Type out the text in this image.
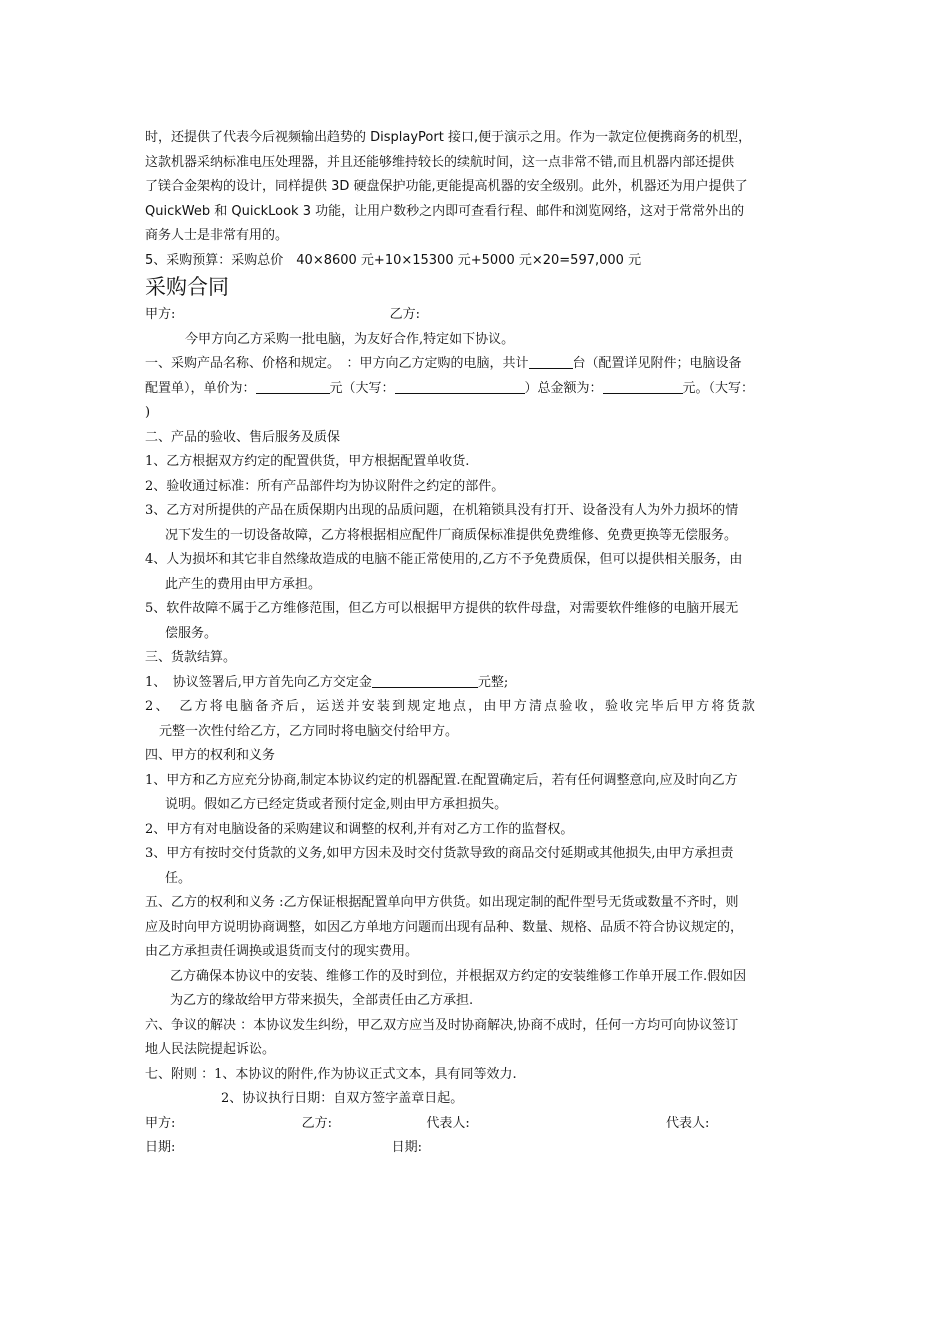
时，还提供了代表今后视频输出趋势的 DisplayPort 接口,便于演示之用。作为一款定位便携商务的机型，
这款机器采纳标准电压处理器，并且还能够维持较长的续航时间，这一点非常不错,而且机器内部还提供
了镁合金架构的设计，同样提供 3D 硬盘保护功能,更能提高机器的安全级别。此外，机器还为用户提供了
QuickWeb 和 QuickLook 3 功能，让用户数秒之内即可查看行程、邮件和浏览网络，这对于常常外出的
商务人士是非常有用的。
5、采购预算：采购总价　40×8600 元+10×15300 元+5000 元×20=597,000 元
采购合同
甲方:	乙方:
今甲方向乙方采购一批电脑，为友好合作,特定如下协议。
一、采购产品名称、价格和规定。　：甲方向乙方定购的电脑，共计	台（配置详见附件；电脑设备
配置单），单价为：	元（大写：	）总金额为：	元。（大写：
)
二、产品的验收、售后服务及质保
1、乙方根据双方约定的配置供货，甲方根据配置单收货.
2、验收通过标准：所有产品部件均为协议附件之约定的部件。
3、乙方对所提供的产品在质保期内出现的品质问题，在机箱锁具没有打开、设备没有人为外力损坏的情
况下发生的一切设备故障，乙方将根据相应配件厂商质保标准提供免费维修、免费更换等无偿服务。
4、人为损坏和其它非自然缘故造成的电脑不能正常使用的,乙方不予免费质保，但可以提供相关服务，由
此产生的费用由甲方承担。
5、软件故障不属于乙方维修范围，但乙方可以根据甲方提供的软件母盘，对需要软件维修的电脑开展无
偿服务。
三、货款结算。
1、　协议签署后,甲方首先向乙方交定金	元整;
2、　乙方将电脑备齐后，运送并安装到规定地点，由甲方清点验收，验收完毕后甲方将货款
元整一次性付给乙方，乙方同时将电脑交付给甲方。
四、甲方的权利和义务
1、甲方和乙方应充分协商,制定本协议约定的机器配置.在配置确定后，若有任何调整意向,应及时向乙方
说明。假如乙方已经定货或者预付定金,则由甲方承担损失。
2、甲方有对电脑设备的采购建议和调整的权利,并有对乙方工作的监督权。
3、甲方有按时交付货款的义务,如甲方因未及时交付货款导致的商品交付延期或其他损失,由甲方承担责
任。
五、乙方的权利和义务 :乙方保证根据配置单向甲方供货。如出现定制的配件型号无货或数量不齐时，则
应及时向甲方说明协商调整，如因乙方单地方问题而出现有品种、数量、规格、品质不符合协议规定的，
由乙方承担责任调换或退货而支付的现实费用。
乙方确保本协议中的安装、维修工作的及时到位，并根据双方约定的安装维修工作单开展工作.假如因
为乙方的缘故给甲方带来损失，全部责任由乙方承担.
六、争议的解决 ：本协议发生纠纷，甲乙双方应当及时协商解决,协商不成时，任何一方均可向协议签订
地人民法院提起诉讼。
七、附则 ：1、本协议的附件,作为协议正式文本，具有同等效力.
2、协议执行日期：自双方签字盖章日起。
甲方:	乙方:	代表人:	代表人:
日期:	日期:
